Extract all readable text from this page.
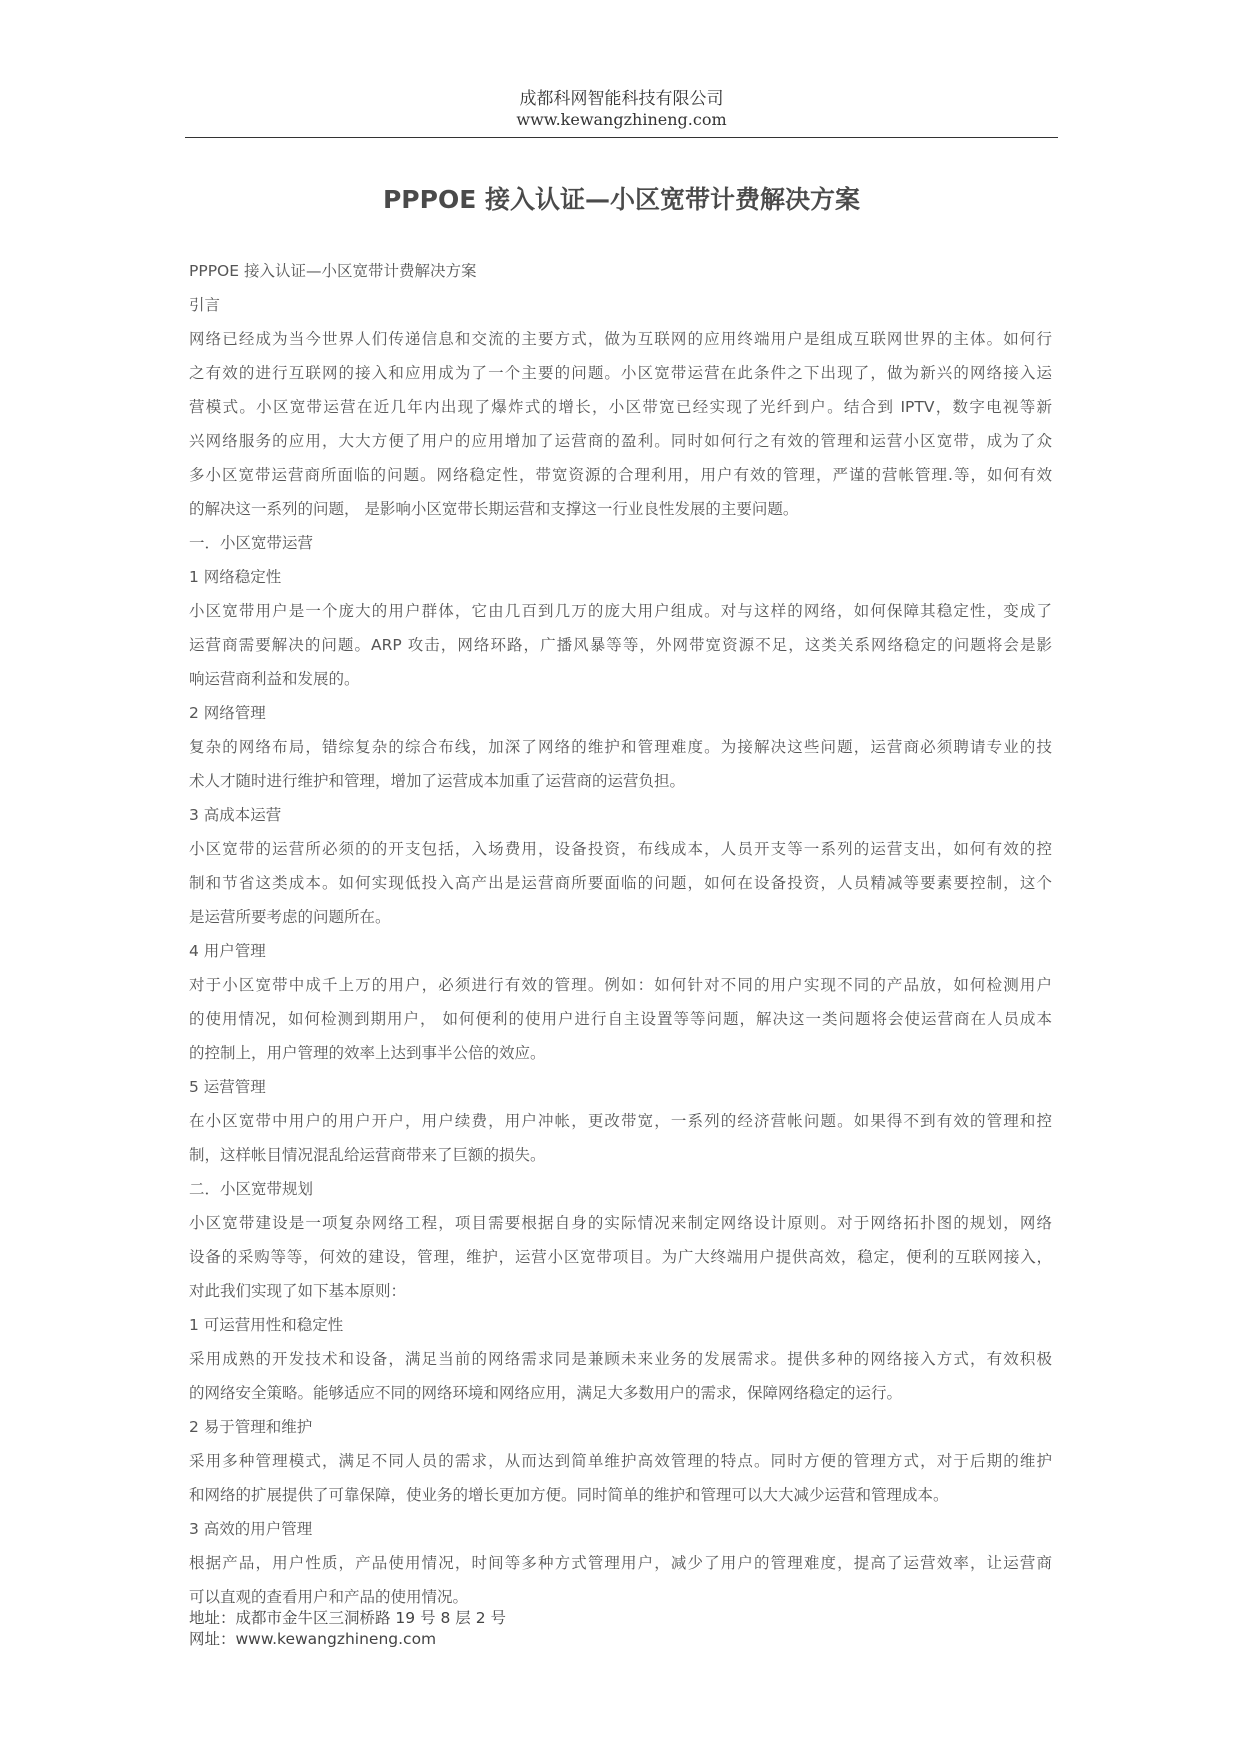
成都科网智能科技有限公司
www.kewangzhineng.com
PPPOE 接入认证—小区宽带计费解决方案
PPPOE 接入认证—小区宽带计费解决方案
引言
网络已经成为当今世界人们传递信息和交流的主要方式，做为互联网的应用终端用户是组成互联网世界的主体。如何行
之有效的进行互联网的接入和应用成为了一个主要的问题。小区宽带运营在此条件之下出现了，做为新兴的网络接入运
营模式。小区宽带运营在近几年内出现了爆炸式的增长，小区带宽已经实现了光纤到户。结合到 IPTV，数字电视等新
兴网络服务的应用，大大方便了用户的应用增加了运营商的盈利。同时如何行之有效的管理和运营小区宽带，成为了众
多小区宽带运营商所面临的问题。网络稳定性，带宽资源的合理利用，用户有效的管理，严谨的营帐管理.等，如何有效
的解决这一系列的问题， 是影响小区宽带长期运营和支撑这一行业良性发展的主要问题。
一．小区宽带运营
1 网络稳定性
小区宽带用户是一个庞大的用户群体，它由几百到几万的庞大用户组成。对与这样的网络，如何保障其稳定性，变成了
运营商需要解决的问题。ARP 攻击，网络环路，广播风暴等等，外网带宽资源不足，这类关系网络稳定的问题将会是影
响运营商利益和发展的。
2 网络管理
复杂的网络布局，错综复杂的综合布线，加深了网络的维护和管理难度。为接解决这些问题，运营商必须聘请专业的技
术人才随时进行维护和管理，增加了运营成本加重了运营商的运营负担。
3 高成本运营
小区宽带的运营所必须的的开支包括，入场费用，设备投资，布线成本，人员开支等一系列的运营支出，如何有效的控
制和节省这类成本。如何实现低投入高产出是运营商所要面临的问题，如何在设备投资，人员精减等要素要控制，这个
是运营所要考虑的问题所在。
4 用户管理
对于小区宽带中成千上万的用户，必须进行有效的管理。例如：如何针对不同的用户实现不同的产品放，如何检测用户
的使用情况，如何检测到期用户， 如何便利的使用户进行自主设置等等问题，解决这一类问题将会使运营商在人员成本
的控制上，用户管理的效率上达到事半公倍的效应。
5 运营管理
在小区宽带中用户的用户开户，用户续费，用户冲帐，更改带宽，一系列的经济营帐问题。如果得不到有效的管理和控
制，这样帐目情况混乱给运营商带来了巨额的损失。
二．小区宽带规划
小区宽带建设是一项复杂网络工程，项目需要根据自身的实际情况来制定网络设计原则。对于网络拓扑图的规划，网络
设备的采购等等，何效的建设，管理，维护，运营小区宽带项目。为广大终端用户提供高效，稳定，便利的互联网接入，
对此我们实现了如下基本原则：
1 可运营用性和稳定性
采用成熟的开发技术和设备，满足当前的网络需求同是兼顾未来业务的发展需求。提供多种的网络接入方式，有效积极
的网络安全策略。能够适应不同的网络环境和网络应用，满足大多数用户的需求，保障网络稳定的运行。
2 易于管理和维护
采用多种管理模式，满足不同人员的需求，从而达到简单维护高效管理的特点。同时方便的管理方式，对于后期的维护
和网络的扩展提供了可靠保障，使业务的增长更加方便。同时简单的维护和管理可以大大减少运营和管理成本。
3 高效的用户管理
根据产品，用户性质，产品使用情况，时间等多种方式管理用户，减少了用户的管理难度，提高了运营效率，让运营商
可以直观的查看用户和产品的使用情况。
地址：成都市金牛区三洞桥路 19 号 8 层 2 号
网址：www.kewangzhineng.com
